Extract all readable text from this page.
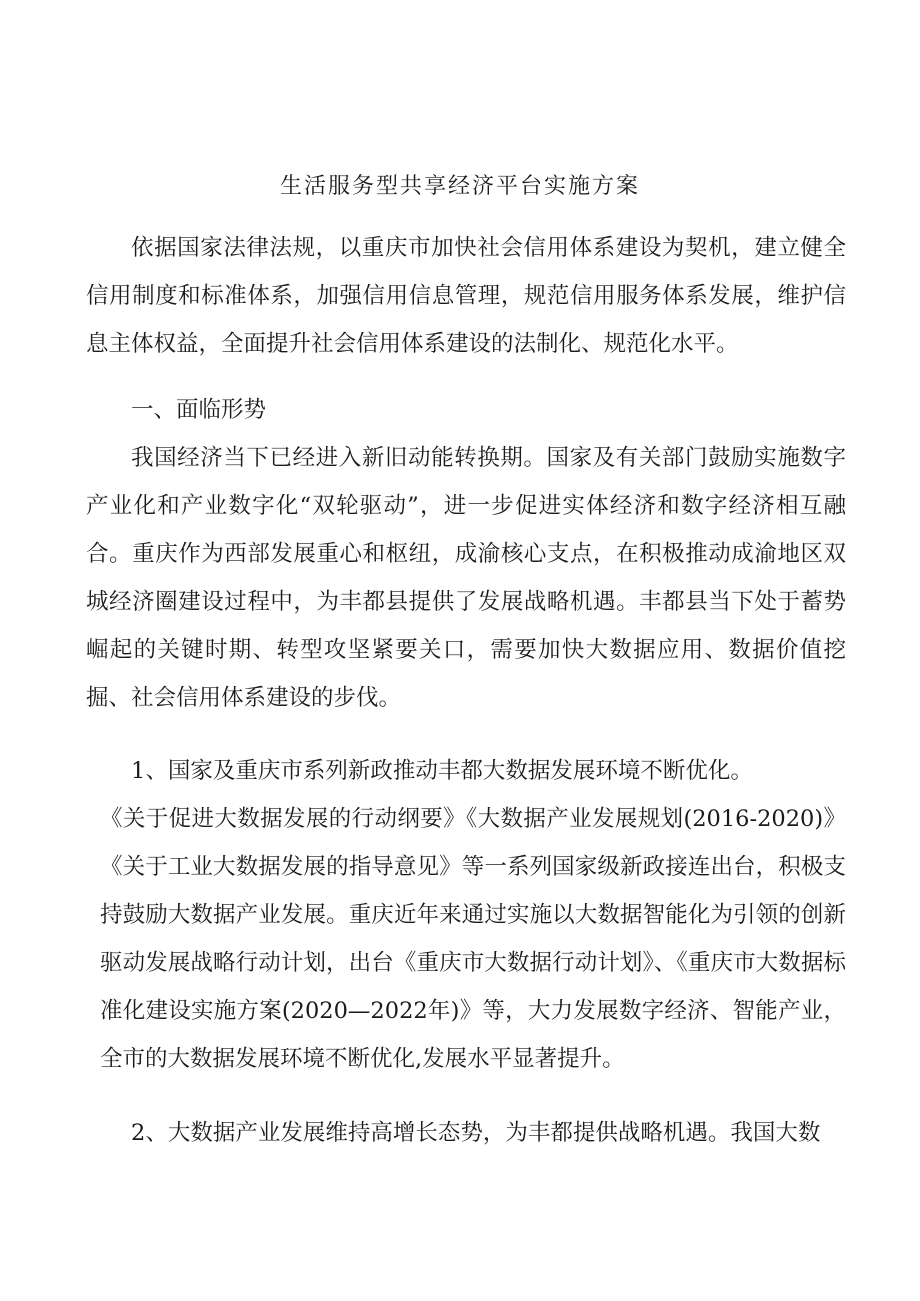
生活服务型共享经济平台实施方案

依据国家法律法规，以重庆市加快社会信用体系建设为契机，建立健全信用制度和标准体系，加强信用信息管理，规范信用服务体系发展，维护信息主体权益，全面提升社会信用体系建设的法制化、规范化水平。

一、面临形势

我国经济当下已经进入新旧动能转换期。国家及有关部门鼓励实施数字产业化和产业数字化“双轮驱动”，进一步促进实体经济和数字经济相互融合。重庆作为西部发展重心和枢纽，成渝核心支点，在积极推动成渝地区双城经济圈建设过程中，为丰都县提供了发展战略机遇。丰都县当下处于蓄势崛起的关键时期、转型攻坚紧要关口，需要加快大数据应用、数据价值挖掘、社会信用体系建设的步伐。

1、国家及重庆市系列新政推动丰都大数据发展环境不断优化。

《关于促进大数据发展的行动纲要》《大数据产业发展规划(2016-2020)》《关于工业大数据发展的指导意见》等一系列国家级新政接连出台，积极支持鼓励大数据产业发展。重庆近年来通过实施以大数据智能化为引领的创新驱动发展战略行动计划，出台《重庆市大数据行动计划》、《重庆市大数据标准化建设实施方案(2020—2022年)》等，大力发展数字经济、智能产业，全市的大数据发展环境不断优化,发展水平显著提升。

2、大数据产业发展维持高增长态势，为丰都提供战略机遇。我国大数
